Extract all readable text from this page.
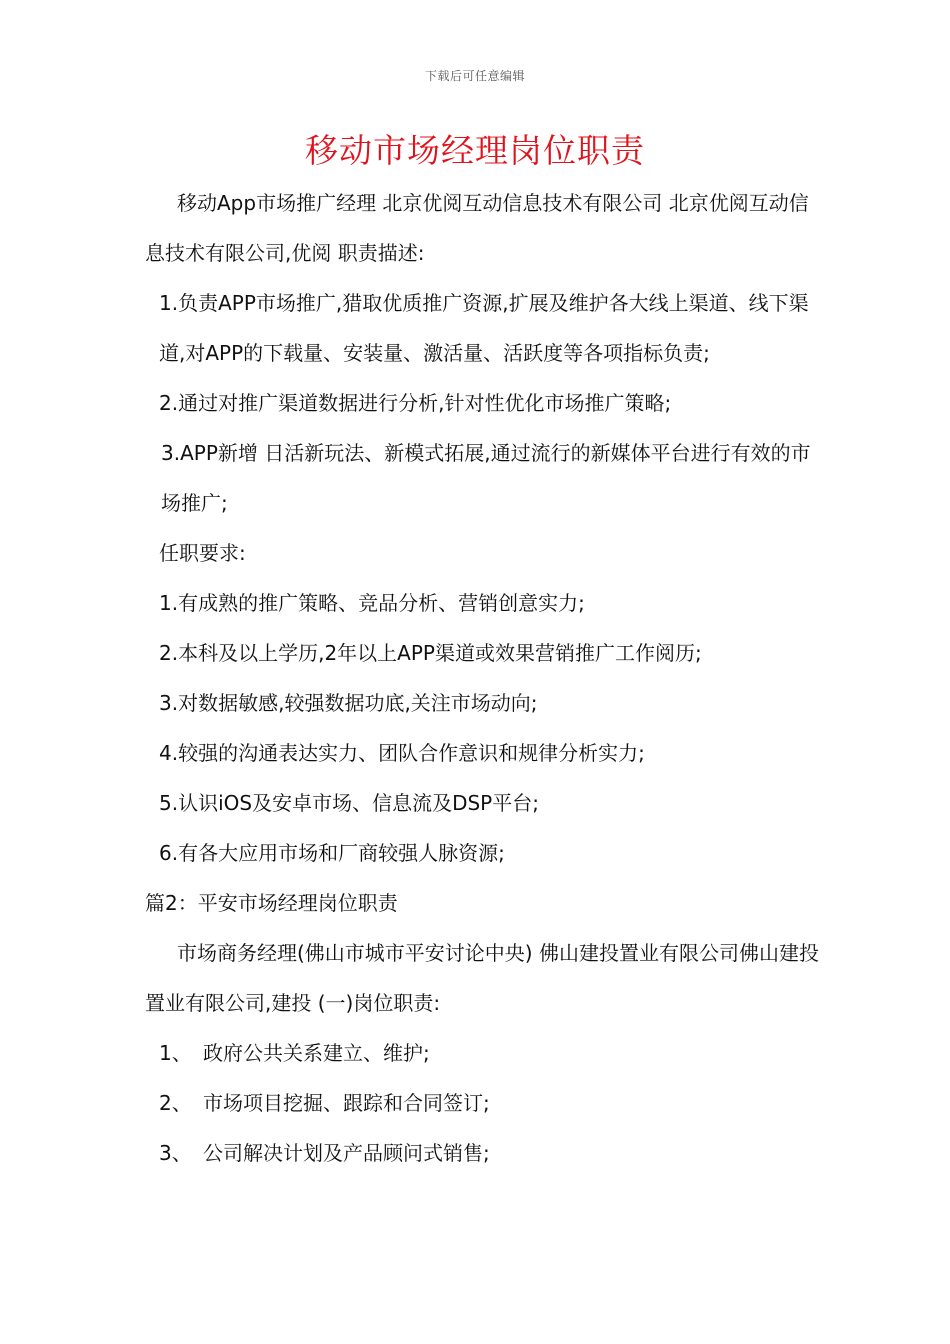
下载后可任意编辑
移动市场经理岗位职责

移动App市场推广经理 北京优阅互动信息技术有限公司 北京优阅互动信息技术有限公司,优阅 职责描述:

1.负责APP市场推广,猎取优质推广资源,扩展及维护各大线上渠道、线下渠道,对APP的下载量、安装量、激活量、活跃度等各项指标负责;

2.通过对推广渠道数据进行分析,针对性优化市场推广策略;

3.APP新增 日活新玩法、新模式拓展,通过流行的新媒体平台进行有效的市场推广;

任职要求:

1.有成熟的推广策略、竞品分析、营销创意实力;

2.本科及以上学历,2年以上APP渠道或效果营销推广工作阅历;

3.对数据敏感,较强数据功底,关注市场动向;

4.较强的沟通表达实力、团队合作意识和规律分析实力;

5.认识iOS及安卓市场、信息流及DSP平台;

6.有各大应用市场和厂商较强人脉资源;

篇2：平安市场经理岗位职责

市场商务经理(佛山市城市平安讨论中央) 佛山建投置业有限公司佛山建投置业有限公司,建投 (一)岗位职责:

1、 政府公共关系建立、维护;
2、 市场项目挖掘、跟踪和合同签订;
3、 公司解决计划及产品顾问式销售;
